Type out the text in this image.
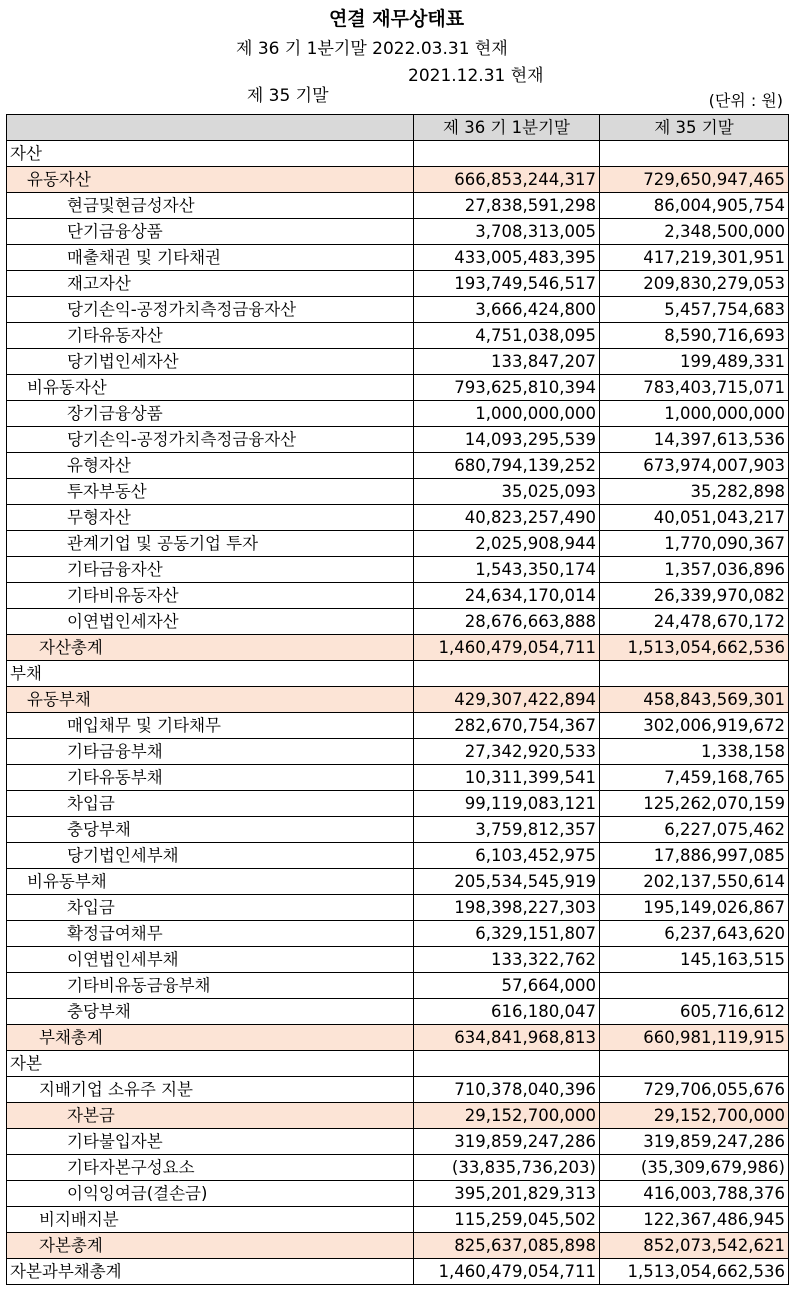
연결 재무상태표
제 36 기 1분기말 2022.03.31 현재

제 35 기말

2021.12.31 현재

(단위 : 원)
	제 36 기 1분기말	제 35 기말
자산		
유동자산	666,853,244,317	729,650,947,465
현금및현금성자산	27,838,591,298	86,004,905,754
단기금융상품	3,708,313,005	2,348,500,000
매출채권 및 기타채권	433,005,483,395	417,219,301,951
재고자산	193,749,546,517	209,830,279,053
당기손익-공정가치측정금융자산	3,666,424,800	5,457,754,683
기타유동자산	4,751,038,095	8,590,716,693
당기법인세자산	133,847,207	199,489,331
비유동자산	793,625,810,394	783,403,715,071
장기금융상품	1,000,000,000	1,000,000,000
당기손익-공정가치측정금융자산	14,093,295,539	14,397,613,536
유형자산	680,794,139,252	673,974,007,903
투자부동산	35,025,093	35,282,898
무형자산	40,823,257,490	40,051,043,217
관계기업 및 공동기업 투자	2,025,908,944	1,770,090,367
기타금융자산	1,543,350,174	1,357,036,896
기타비유동자산	24,634,170,014	26,339,970,082
이연법인세자산	28,676,663,888	24,478,670,172
자산총계	1,460,479,054,711	1,513,054,662,536
부채		
유동부채	429,307,422,894	458,843,569,301
매입채무 및 기타채무	282,670,754,367	302,006,919,672
기타금융부채	27,342,920,533	1,338,158
기타유동부채	10,311,399,541	7,459,168,765
차입금	99,119,083,121	125,262,070,159
충당부채	3,759,812,357	6,227,075,462
당기법인세부채	6,103,452,975	17,886,997,085
비유동부채	205,534,545,919	202,137,550,614
차입금	198,398,227,303	195,149,026,867
확정급여채무	6,329,151,807	6,237,643,620
이연법인세부채	133,322,762	145,163,515
기타비유동금융부채	57,664,000	
충당부채	616,180,047	605,716,612
부채총계	634,841,968,813	660,981,119,915
자본		
지배기업 소유주 지분	710,378,040,396	729,706,055,676
자본금	29,152,700,000	29,152,700,000
기타불입자본	319,859,247,286	319,859,247,286
기타자본구성요소	(33,835,736,203)	(35,309,679,986)
이익잉여금(결손금)	395,201,829,313	416,003,788,376
비지배지분	115,259,045,502	122,367,486,945
자본총계	825,637,085,898	852,073,542,621
자본과부채총계	1,460,479,054,711	1,513,054,662,536
